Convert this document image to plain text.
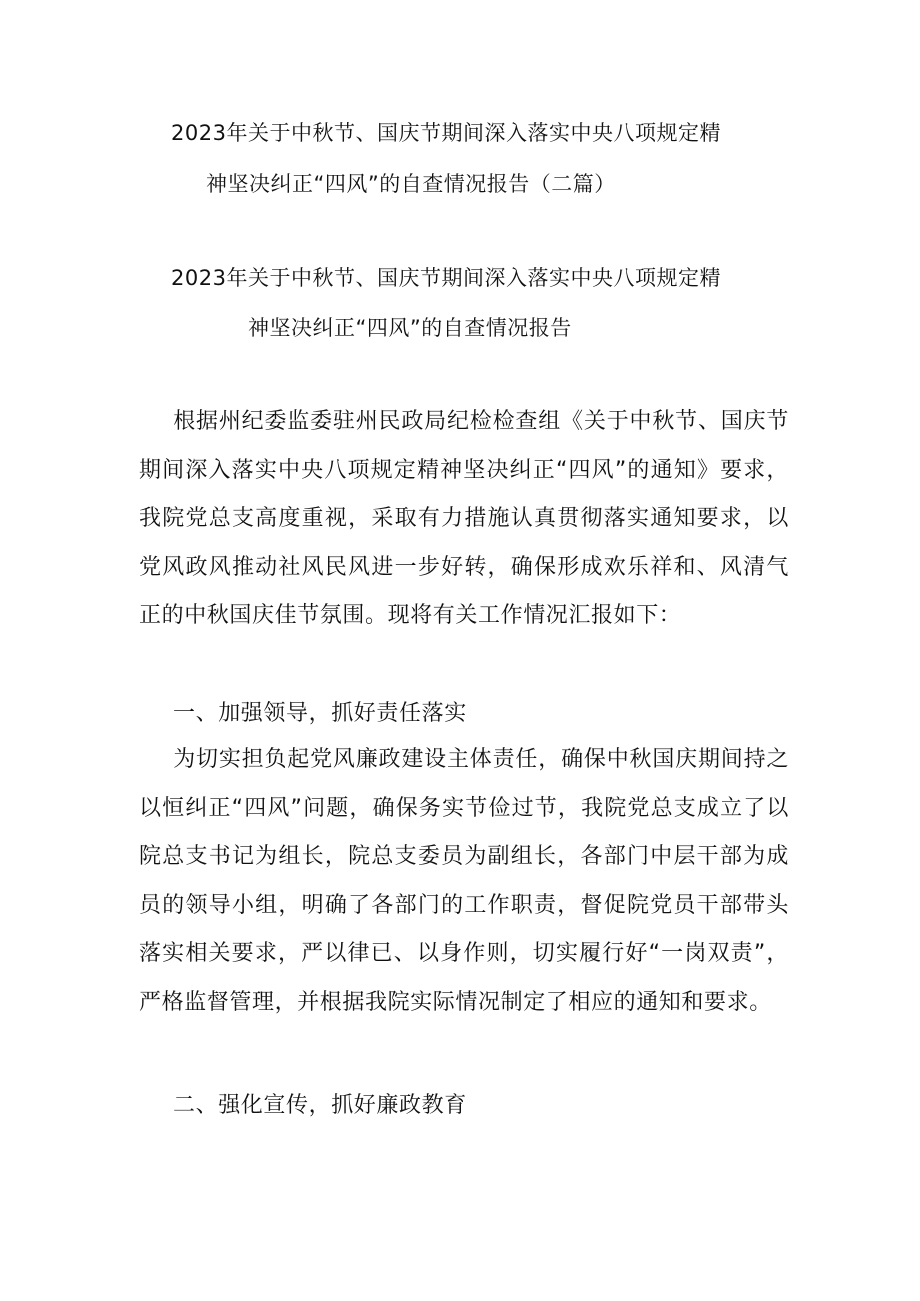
2023年关于中秋节、国庆节期间深入落实中央八项规定精
神坚决纠正“四风”的自查情况报告（二篇）
2023年关于中秋节、国庆节期间深入落实中央八项规定精
神坚决纠正“四风”的自查情况报告

根据州纪委监委驻州民政局纪检检查组《关于中秋节、国庆节期间深入落实中央八项规定精神坚决纠正“四风”的通知》要求，我院党总支高度重视，采取有力措施认真贯彻落实通知要求，以党风政风推动社风民风进一步好转，确保形成欢乐祥和、风清气正的中秋国庆佳节氛围。现将有关工作情况汇报如下：

一、加强领导，抓好责任落实

为切实担负起党风廉政建设主体责任，确保中秋国庆期间持之以恒纠正“四风”问题，确保务实节俭过节，我院党总支成立了以院总支书记为组长，院总支委员为副组长，各部门中层干部为成员的领导小组，明确了各部门的工作职责，督促院党员干部带头落实相关要求，严以律已、以身作则，切实履行好“一岗双责”，严格监督管理，并根据我院实际情况制定了相应的通知和要求。

二、强化宣传，抓好廉政教育
